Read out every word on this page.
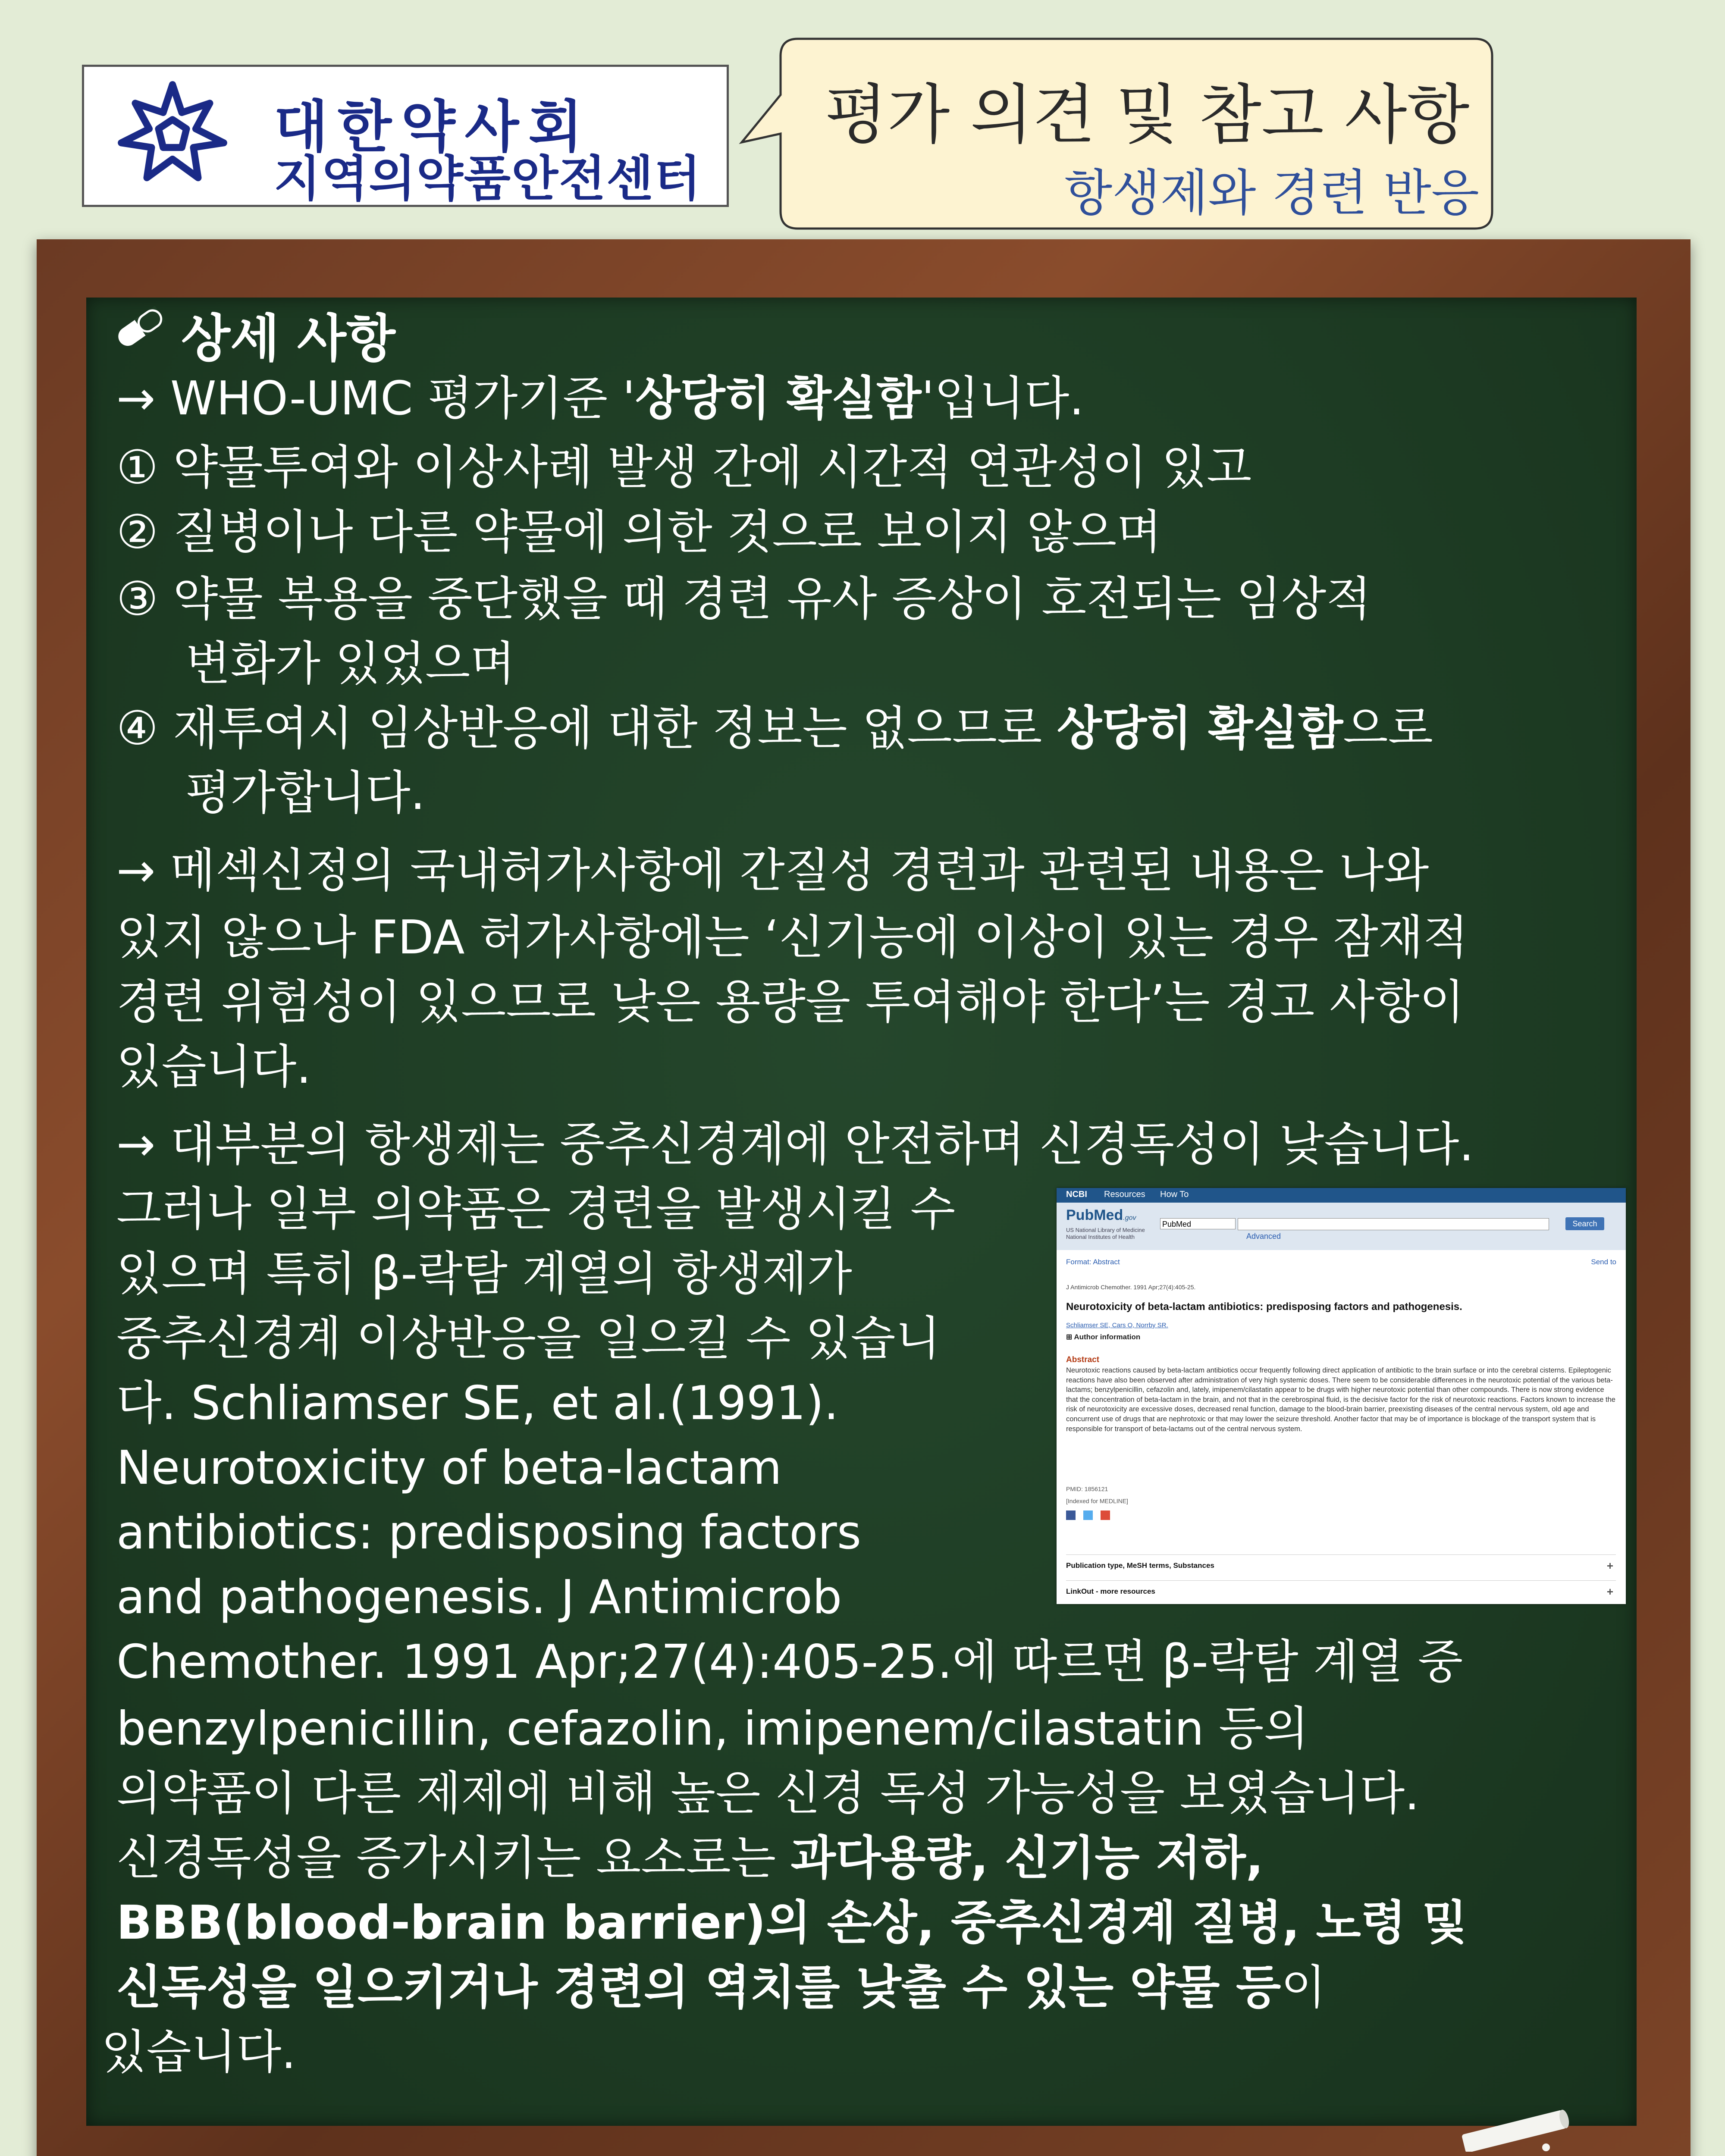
대한약사회
지역의약품안전센터
평가 의견 및 참고 사항
항생제와 경련 반응
상세 사항
→ WHO-UMC 평가기준 '상당히 확실함'입니다.
① 약물투여와 이상사례 발생 간에 시간적 연관성이 있고
② 질병이나 다른 약물에 의한 것으로 보이지 않으며
③ 약물 복용을 중단했을 때 경련 유사 증상이 호전되는 임상적
변화가 있었으며
④ 재투여시 임상반응에 대한 정보는 없으므로 상당히 확실함으로
평가합니다.
→ 메섹신정의 국내허가사항에 간질성 경련과 관련된 내용은 나와
있지 않으나 FDA 허가사항에는 ‘신기능에 이상이 있는 경우 잠재적
경련 위험성이 있으므로 낮은 용량을 투여해야 한다’는 경고 사항이
있습니다.
→ 대부분의 항생제는 중추신경계에 안전하며 신경독성이 낮습니다.
그러나 일부 의약품은 경련을 발생시킬 수
있으며 특히 β-락탐 계열의 항생제가
중추신경계 이상반응을 일으킬 수 있습니
다. Schliamser SE, et al.(1991).
Neurotoxicity of beta-lactam
antibiotics: predisposing factors
and pathogenesis. J Antimicrob
Chemother. 1991 Apr;27(4):405-25.에 따르면 β-락탐 계열 중
benzylpenicillin, cefazolin, imipenem/cilastatin 등의
의약품이 다른 제제에 비해 높은 신경 독성 가능성을 보였습니다.
신경독성을 증가시키는 요소로는 과다용량, 신기능 저하,
BBB(blood-brain barrier)의 손상, 중추신경계 질병, 노령 및
신독성을 일으키거나 경련의 역치를 낮출 수 있는 약물 등이
있습니다.
NCBI Resources How To
PubMed.gov
US National Library of Medicine
National Institutes of Health
PubMed	Search
Advanced
Format: Abstract	Send to
J Antimicrob Chemother. 1991 Apr;27(4):405-25.
Neurotoxicity of beta-lactam antibiotics: predisposing factors and pathogenesis.
Schliamser SE, Cars O, Norrby SR.
⊞ Author information
Abstract
Neurotoxic reactions caused by beta-lactam antibiotics occur frequently following direct application of antibiotic to the brain surface or into the cerebral cisterns. Epileptogenic reactions have also been observed after administration of very high systemic doses. There seem to be considerable differences in the neurotoxic potential of the various beta-lactams; benzylpenicillin, cefazolin and, lately, imipenem/cilastatin appear to be drugs with higher neurotoxic potential than other compounds. There is now strong evidence that the concentration of beta-lactam in the brain, and not that in the cerebrospinal fluid, is the decisive factor for the risk of neurotoxic reactions. Factors known to increase the risk of neurotoxicity are excessive doses, decreased renal function, damage to the blood-brain barrier, preexisting diseases of the central nervous system, old age and concurrent use of drugs that are nephrotoxic or that may lower the seizure threshold. Another factor that may be of importance is blockage of the transport system that is responsible for transport of beta-lactams out of the central nervous system.
PMID: 1856121
[Indexed for MEDLINE]
Publication type, MeSH terms, Substances	+
LinkOut - more resources	+
